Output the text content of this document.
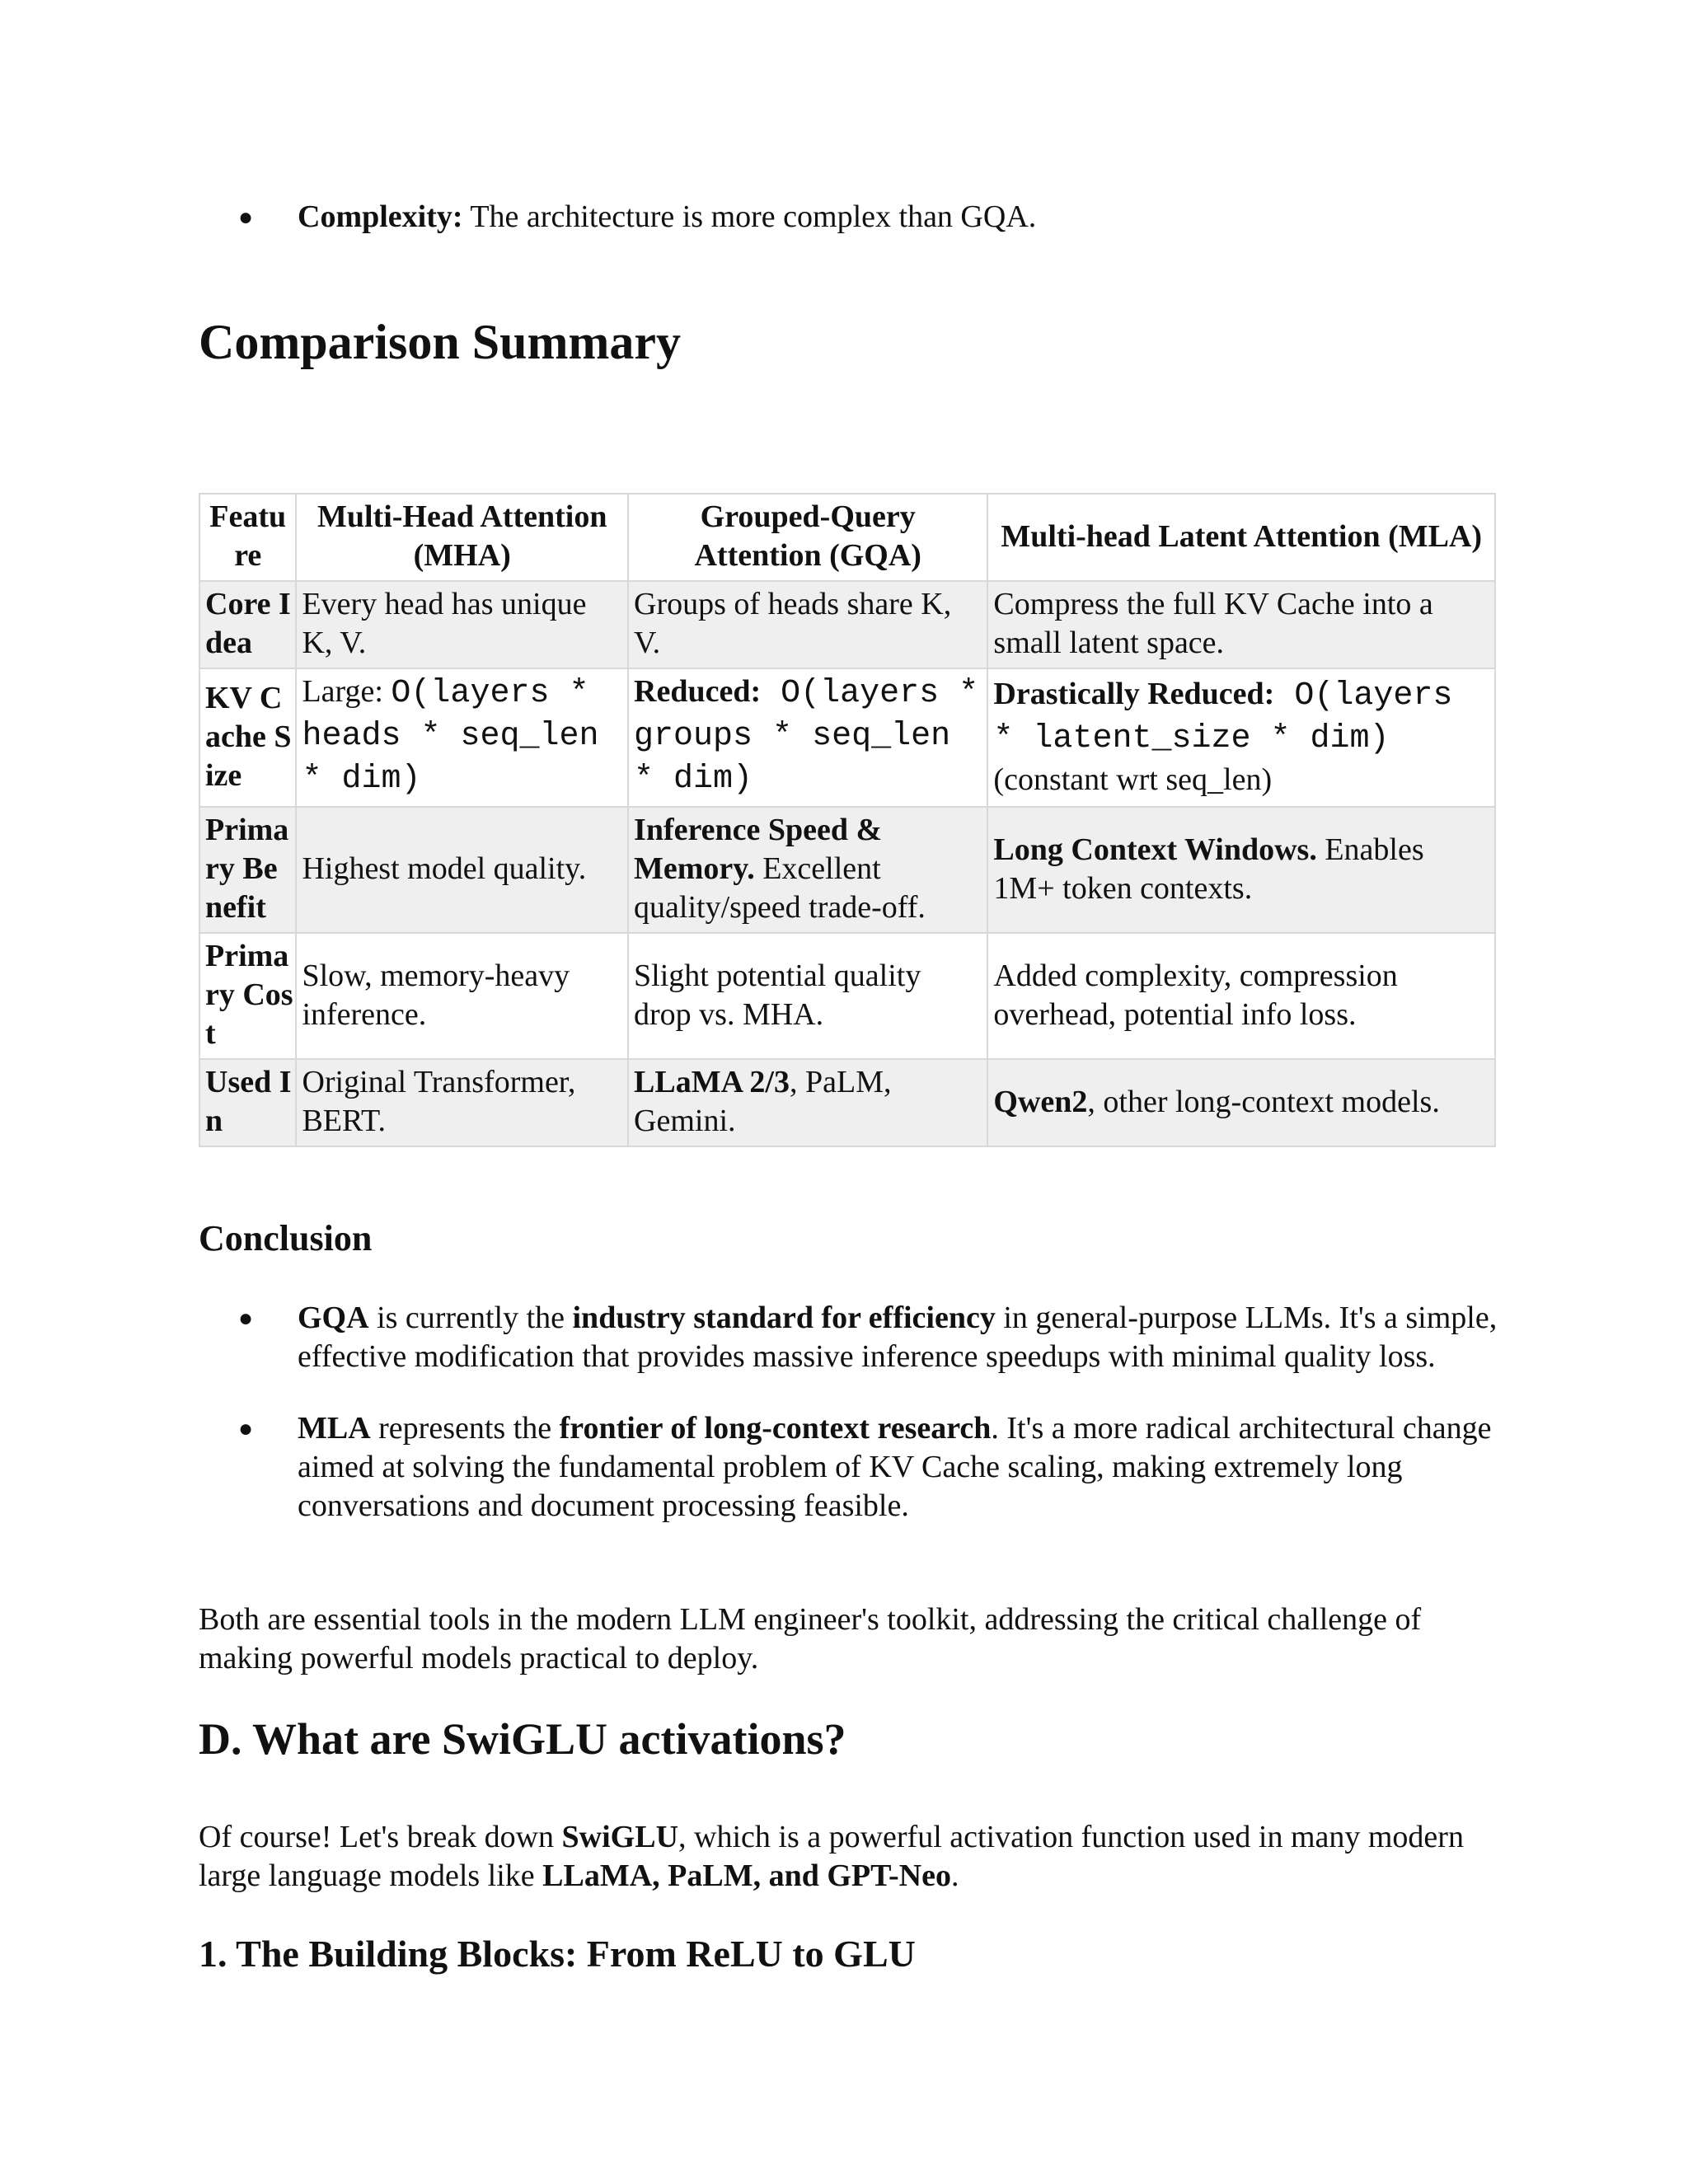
● Complexity: The architecture is more complex than GQA.
Comparison Summary
Feature	Multi-Head Attention (MHA)	Grouped-Query Attention (GQA)	Multi-head Latent Attention (MLA)
Core Idea	Every head has unique K, V.	Groups of heads share K, V.	Compress the full KV Cache into a small latent space.
KV Cache Size	Large: O(layers * heads * seq_len * dim)	Reduced: O(layers * groups * seq_len * dim)	Drastically Reduced: O(layers * latent_size * dim)
(constant wrt seq_len)
Primary Benefit	Highest model quality.	Inference Speed & Memory. Excellent quality/speed trade-off.	Long Context Windows. Enables 1M+ token contexts.
Primary Cost	Slow, memory-heavy inference.	Slight potential quality drop vs. MHA.	Added complexity, compression overhead, potential info loss.
Used In	Original Transformer, BERT.	LLaMA 2/3, PaLM, Gemini.	Qwen2, other long-context models.
Conclusion
● GQA is currently the industry standard for efficiency in general-purpose LLMs. It's a simple, effective modification that provides massive inference speedups with minimal quality loss.
● MLA represents the frontier of long-context research. It's a more radical architectural change aimed at solving the fundamental problem of KV Cache scaling, making extremely long conversations and document processing feasible.

Both are essential tools in the modern LLM engineer's toolkit, addressing the critical challenge of making powerful models practical to deploy.

D. What are SwiGLU activations?

Of course! Let's break down SwiGLU, which is a powerful activation function used in many modern large language models like LLaMA, PaLM, and GPT-Neo.

1. The Building Blocks: From ReLU to GLU
